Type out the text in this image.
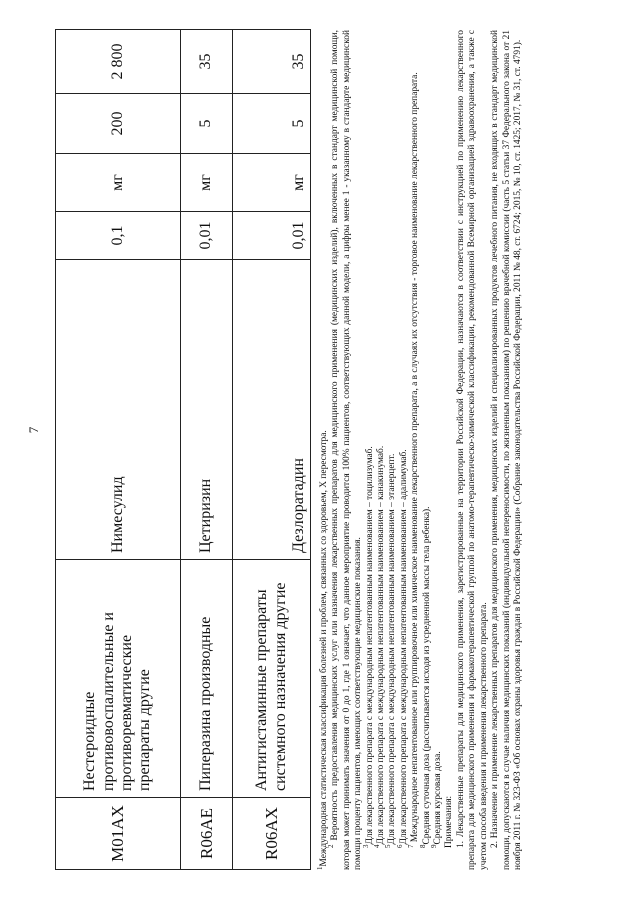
7
M01AX	Нестероидные противовоспалительные и противоревматические препараты другие	Нимесулид	0,1	мг	200	2 800
R06AE	Пиперазина производные	Цетиризин	0,01	мг	5	35
R06AX	Антигистаминные препараты системного назначения другие	Дезлоратадин	0,01	мг	5	35

$^1$Международная статистическая классификация болезней и проблем, связанных со здоровьем, X пересмотра.

$^2$ Вероятность предоставления медицинских услуг или назначения лекарственных препаратов для медицинского применения (медицинских изделий), включенных в стандарт медицинской помощи, которая может принимать значения от 0 до 1, где 1 означает, что данное мероприятие проводится 100% пациентов, соответствующих данной модели, а цифры менее 1 - указанному в стандарте медицинской помощи проценту пациентов, имеющих соответствующие медицинские показания.

$^3$Для лекарственного препарата с международным непатентованным наименованием – тоцилизумаб.

$^4$Для лекарственного препарата с международным непатентованным наименованием – канакинумаб.

$^5$Для лекарственного препарата с международным непатентованным наименованием – этанерцепт.

$^6$Для лекарственного препарата с международным непатентованным наименованием – адалимумаб.

$^7$ Международное непатентованное или группировочное или химическое наименование лекарственного препарата, а в случаях их отсутствия - торговое наименование лекарственного препарата.

$^8$Средняя суточная доза (рассчитывается исходя из усредненной массы тела ребенка).

$^9$Средняя курсовая доза. Примечания: 1. Лекарственные препараты для медицинского применения, зарегистрированные на территории Российской Федерации, назначаются в соответствии с инструкцией по применению лекарственного препарата для медицинского применения и фармакотерапевтической группой по анатомо-терапевтическо-химической классификации, рекомендованной Всемирной организацией здравоохранения, а также с учетом способа введения и применения лекарственного препарата. 2. Назначение и применение лекарственных препаратов для медицинского применения, медицинских изделий и специализированных продуктов лечебного питания, не входящих в стандарт медицинской помощи, допускаются в случае наличия медицинских показаний (индивидуальной непереносимости, по жизненным показаниям) по решению врачебной комиссии (часть 5 статьи 37 Федерального закона от 21 ноября 2011 г. № 323-ФЗ «Об основах охраны здоровья граждан в Российской Федерации» (Собрание законодательства Российской Федерации, 2011 № 48, ст. 6724; 2015, № 10, ст. 1425; 2017, № 31, ст. 4791).
